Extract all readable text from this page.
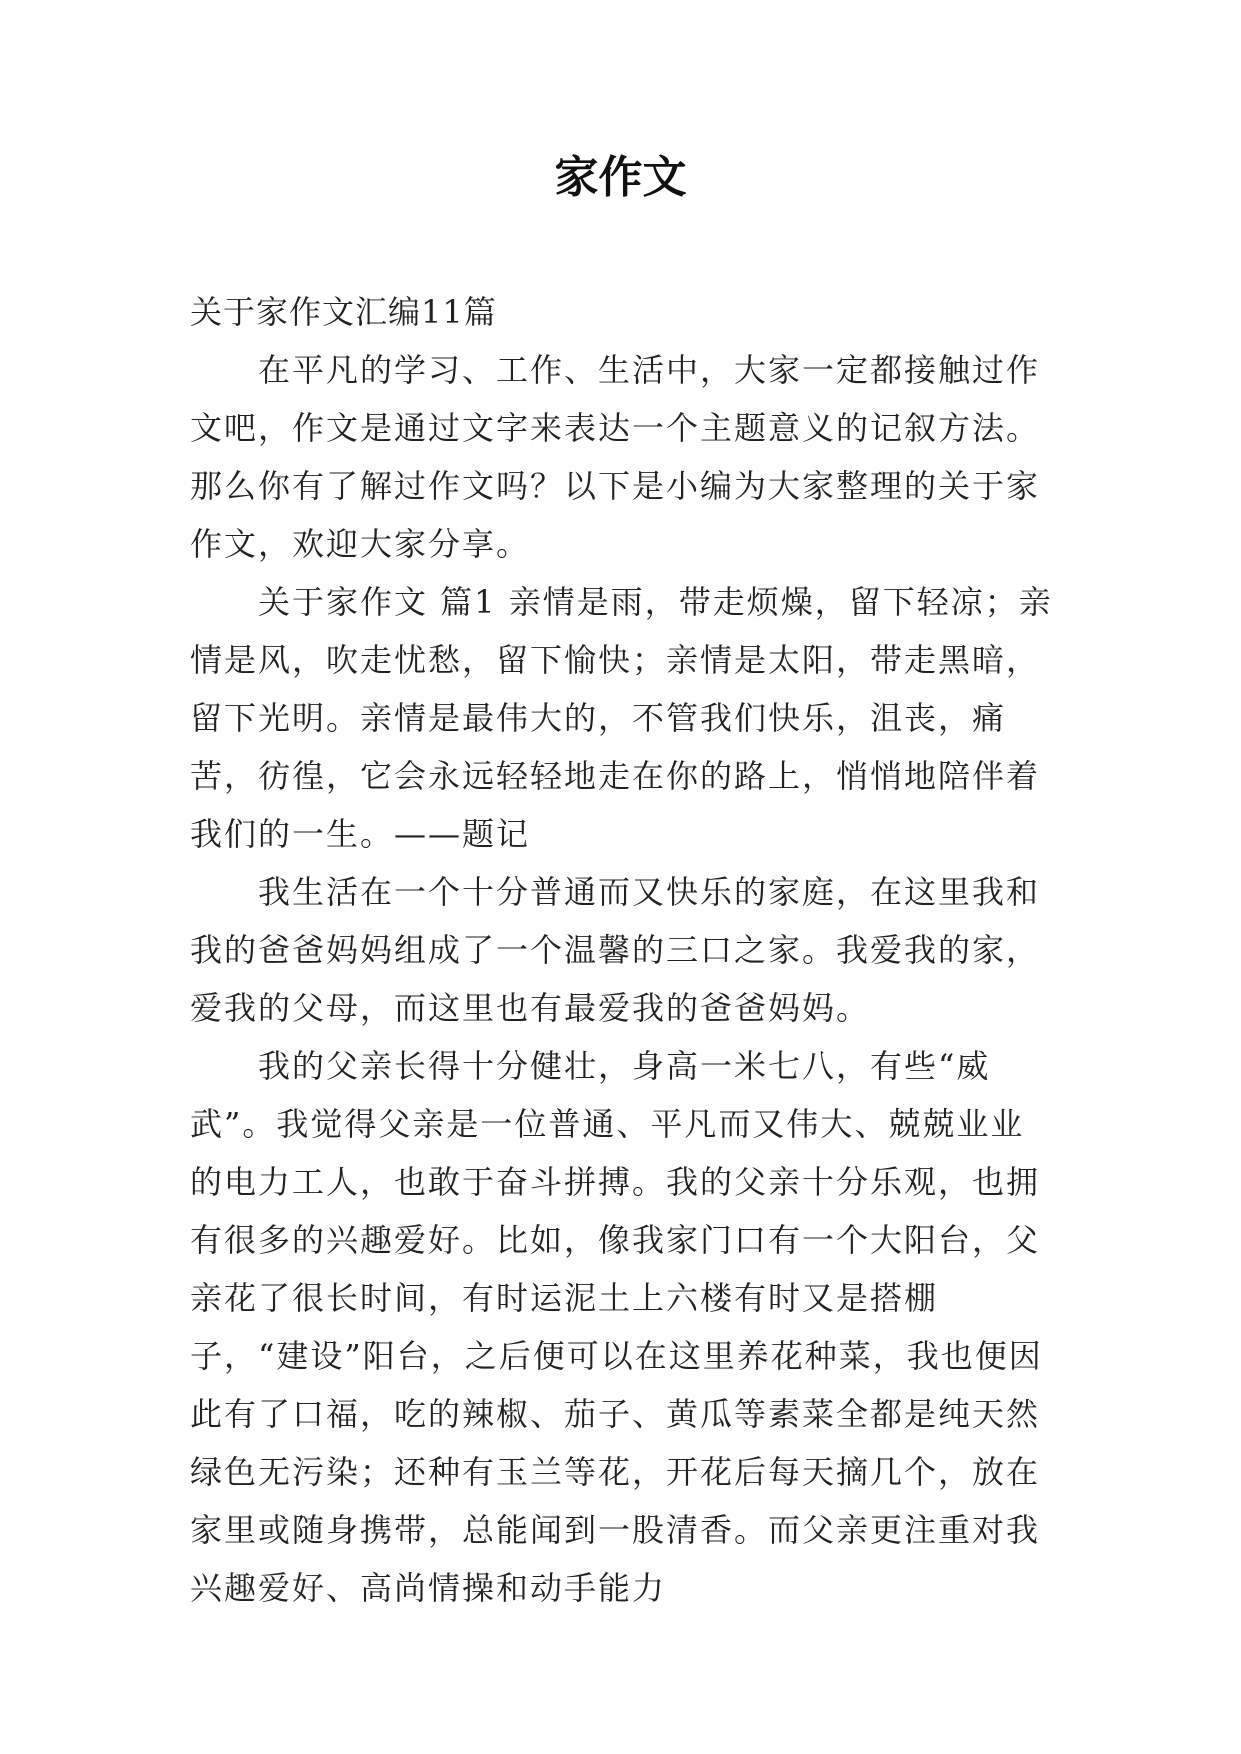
家作文

关于家作文汇编11篇

在平凡的学习、工作、生活中，大家一定都接触过作文吧，作文是通过文字来表达一个主题意义的记叙方法。那么你有了解过作文吗？以下是小编为大家整理的关于家作文，欢迎大家分享。

关于家作文 篇1 亲情是雨，带走烦燥，留下轻凉；亲情是风，吹走忧愁，留下愉快；亲情是太阳，带走黑暗，留下光明。亲情是最伟大的，不管我们快乐，沮丧，痛苦，彷徨，它会永远轻轻地走在你的路上，悄悄地陪伴着我们的一生。——题记

我生活在一个十分普通而又快乐的家庭，在这里我和我的爸爸妈妈组成了一个温馨的三口之家。我爱我的家，爱我的父母，而这里也有最爱我的爸爸妈妈。

我的父亲长得十分健壮，身高一米七八，有些“威武”。我觉得父亲是一位普通、平凡而又伟大、兢兢业业的电力工人，也敢于奋斗拼搏。我的父亲十分乐观，也拥有很多的兴趣爱好。比如，像我家门口有一个大阳台，父亲花了很长时间，有时运泥土上六楼有时又是搭棚子，“建设”阳台，之后便可以在这里养花种菜，我也便因此有了口福，吃的辣椒、茄子、黄瓜等素菜全都是纯天然绿色无污染；还种有玉兰等花，开花后每天摘几个，放在家里或随身携带，总能闻到一股清香。而父亲更注重对我兴趣爱好、高尚情操和动手能力
